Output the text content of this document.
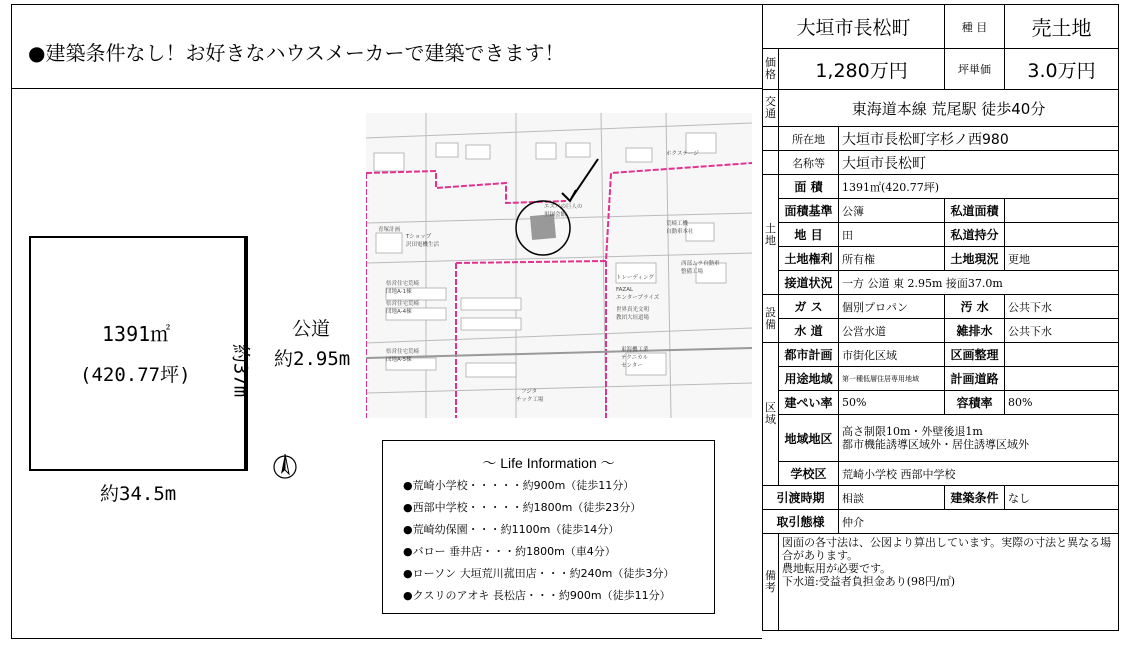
●建築条件なし！お好きなハウスメーカーで建築できます！
1391㎡
(420.77坪) 約37m
公道
約2.95m
約34.5m
ホクステージ
エスパの巨人の
里国会館
青塚計画
Tショップ
沢田電機生活
県営住宅荒崎
団地A-1棟
県営住宅荒崎
団地A-4棟
県営住宅荒崎
団地A-5棟
荒崎工機
自動車本社
西部ムラ自動車
整備工場
トレーディング
FAZAL
エンタープライズ
世界真光文明
教団大垣道場
東海機工業
テクニカル
センター
フジタ
チック工場
～ Life Information ～
●荒崎小学校・・・・・約900m（徒歩11分）
●西部中学校・・・・・約1800m（徒歩23分）
●荒崎幼保園・・・約1100m（徒歩14分）
●バロー 垂井店・・・約1800m（車4分）
●ローソン 大垣荒川菰田店・・・約240m（徒歩3分）
●クスリのアオキ 長松店・・・約900m（徒歩11分）
大垣市長松町			種 目	売土地
価格	1,280万円		坪単価	3.0万円
交通	東海道本線 荒尾駅 徒歩40分			
	所在地	大垣市長松町字杉ノ西980		
	名称等	大垣市長松町		
土地	面 積	1391㎡(420.77坪)		
	面積基準	公簿	私道面積	
	地 目	田	私道持分	
	土地権利	所有権	土地現況	更地
	接道状況	一方 公道 東 2.95m 接面37.0m		
設備	ガ ス	個別プロパン	汚 水	公共下水
	水 道	公営水道	雑排水	公共下水
区域	都市計画	市街化区域	区画整理	
	用途地域	第一種低層住居専用地域	計画道路	
	建ぺい率	50%	容積率	80%
	地域地区	高さ制限10m・外壁後退1m
都市機能誘導区域外・居住誘導区域外		

	学校区	荒崎小学校 西部中学校		
引渡時期		相談	建築条件	なし
取引態様		仲介		
備考	図面の各寸法は、公図より算出しています。実際の寸法と異なる場合があります。
農地転用が必要です。
下水道:受益者負担金あり(98円/㎡)			
